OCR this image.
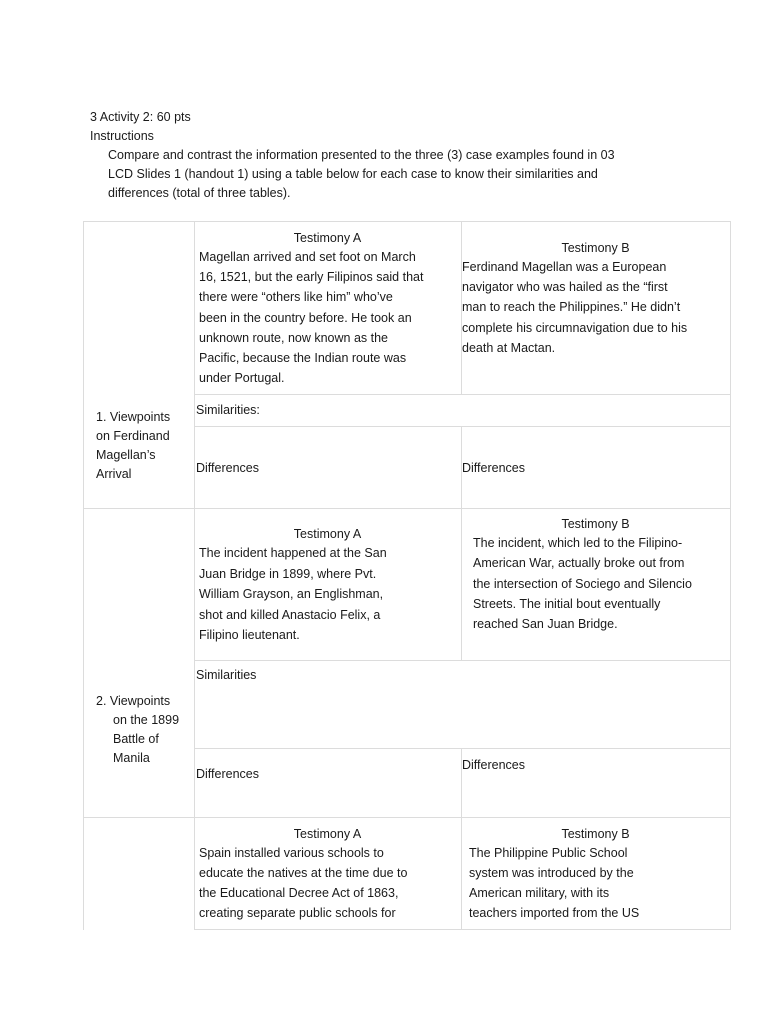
3 Activity 2: 60 pts
Instructions
Compare and contrast the information presented to the three (3) case examples found in 03
LCD Slides 1 (handout 1) using a table below for each case to know their similarities and
differences (total of three tables).
Testimony A
Magellan arrived and set foot on March
16, 1521, but the early Filipinos said that
there were “others like him” who’ve
been in the country before. He took an
unknown route, now known as the
Pacific, because the Indian route was
under Portugal.
Testimony B
Ferdinand Magellan was a European
navigator who was hailed as the “first
man to reach the Philippines.” He didn’t
complete his circumnavigation due to his
death at Mactan.
1. Viewpoints
on Ferdinand
Magellan’s
Arrival
Similarities:
Differences	Differences
Testimony A
The incident happened at the San
Juan Bridge in 1899, where Pvt.
William Grayson, an Englishman,
shot and killed Anastacio Felix, a
Filipino lieutenant.
Testimony B
The incident, which led to the Filipino-
American War, actually broke out from
the intersection of Sociego and Silencio
Streets. The initial bout eventually
reached San Juan Bridge.
2. Viewpoints
on the 1899
Battle of
Manila
Similarities
Differences
Differences
Testimony A
Spain installed various schools to
educate the natives at the time due to
the Educational Decree Act of 1863,
creating separate public schools for
Testimony B
The Philippine Public School
system was introduced by the
American military, with its
teachers imported from the US
